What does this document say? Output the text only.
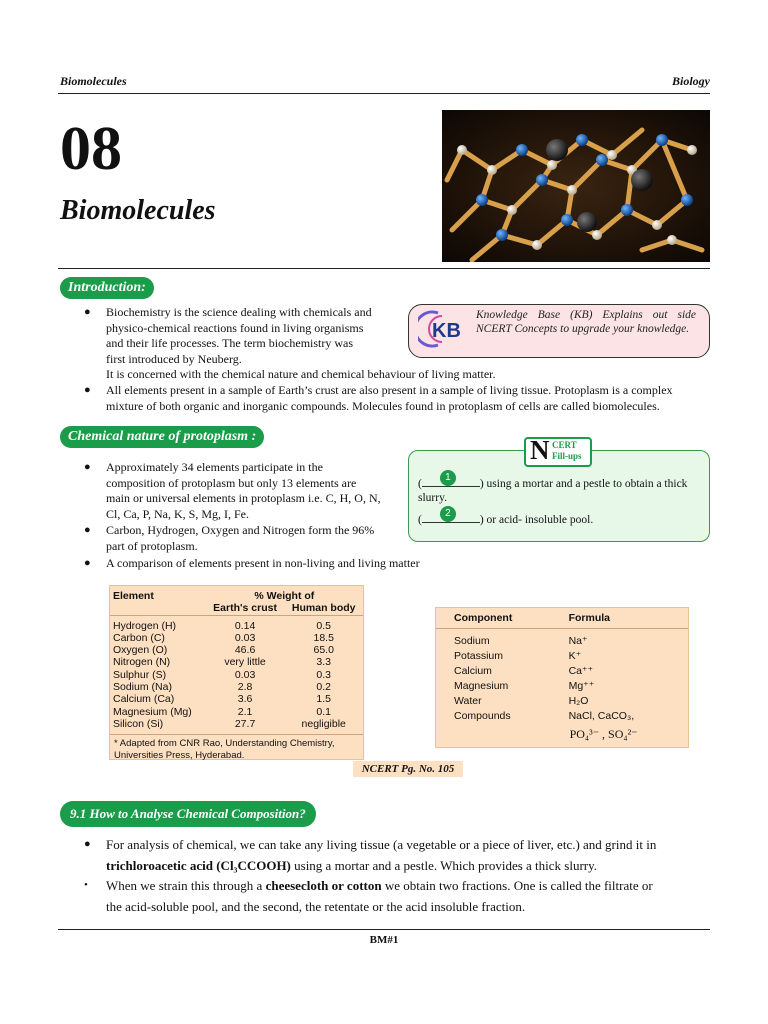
Biomolecules	Biology
08
Biomolecules
Introduction:
● Biochemistry is the science dealing with chemicals and
physico-chemical reactions found in living organisms
and their life processes. The term biochemistry was
first introduced by Neuberg.
It is concerned with the chemical nature and chemical behaviour of living matter.
● All elements present in a sample of Earth’s crust are also present in a sample of living tissue. Protoplasm is a complex
mixture of both organic and inorganic compounds. Molecules found in protoplasm of cells are called biomolecules.
KB
Knowledge Base (KB) Explains out side NCERT Concepts to upgrade your knowledge.
Chemical nature of protoplasm :
● Approximately 34 elements participate in the
composition of protoplasm but only 13 elements are
main or universal elements in protoplasm i.e. C, H, O, N,
Cl, Ca, P, Na, K, S, Mg, I, Fe.
● Carbon, Hydrogen, Oxygen and Nitrogen form the 96%
part of protoplasm.
● A comparison of elements present in non-living and living matter
N CERT
Fill-ups
(
1
) using a mortar and a pestle to obtain a thick
slurry.
(
2
) or acid- insoluble pool.
Element	% Weight of	
	Earth's crust	Human body

Hydrogen (H)	0.14	0.5
Carbon (C)	0.03	18.5
Oxygen (O)	46.6	65.0
Nitrogen (N)	very little	3.3
Sulphur (S)	0.03	0.3
Sodium (Na)	2.8	0.2
Calcium (Ca)	3.6	1.5
Magnesium (Mg)	2.1	0.1
Silicon (Si)	27.7	negligible
* Adapted from CNR Rao, Understanding Chemistry, Universities Press, Hyderabad.
Component	Formula

Sodium	Na⁺
Potassium	K⁺
Calcium	Ca⁺⁺
Magnesium	Mg⁺⁺
Water	H₂O
Compounds	NaCl, CaCO₃,
	PO₄³⁻ , SO₄²⁻
NCERT Pg. No. 105
9.1 How to Analyse Chemical Composition?
● For analysis of chemical, we can take any living tissue (a vegetable or a piece of liver, etc.) and grind it in
trichloroacetic acid (Cl₃CCOOH) using a mortar and a pestle. Which provides a thick slurry.
• When we strain this through a cheesecloth or cotton we obtain two fractions. One is called the filtrate or
the acid-soluble pool, and the second, the retentate or the acid insoluble fraction.
BM#1
